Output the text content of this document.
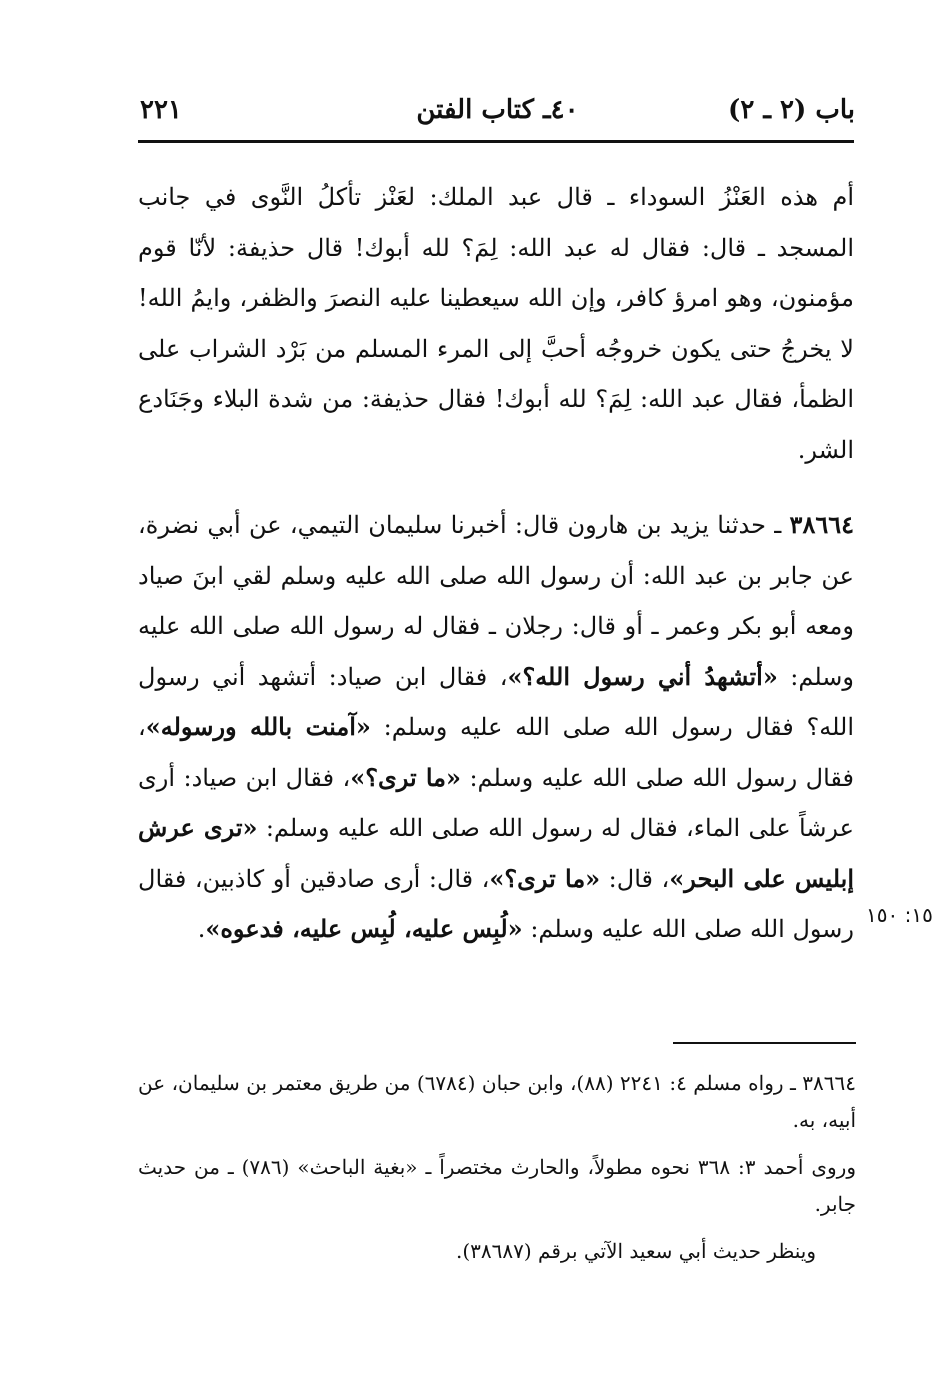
باب (٢ ـ ٢)
٤٠ـ كتاب الفتن
٢٢١
أم هذه العَنْزُ السوداء ـ قال عبد الملك: لعَنْز تأكلُ النَّوى في جانب المسجد ـ قال: فقال له عبد الله: لِمَ؟ لله أبوك! قال حذيفة: لأنّا قوم مؤمنون، وهو امرؤ كافر، وإن الله سيعطينا عليه النصرَ والظفر، وايمُ الله! لا يخرجُ حتى يكون خروجُه أحبَّ إلى المرء المسلم من بَرْد الشراب على الظمأ، فقال عبد الله: لِمَ؟ لله أبوك! فقال حذيفة: من شدة البلاء وجَنَادع الشر.
٣٨٦٦٤ ـ حدثنا يزيد بن هارون قال: أخبرنا سليمان التيمي، عن أبي نضرة، عن جابر بن عبد الله: أن رسول الله صلى الله عليه وسلم لقي ابنَ صياد ومعه أبو بكر وعمر ـ أو قال: رجلان ـ فقال له رسول الله صلى الله عليه وسلم: «أتشهدُ أني رسول الله؟»، فقال ابن صياد: أتشهد أني رسول الله؟ فقال رسول الله صلى الله عليه وسلم: «آمنت بالله ورسوله»، فقال رسول الله صلى الله عليه وسلم: «ما ترى؟»، فقال ابن صياد: أرى عرشاً على الماء، فقال له رسول الله صلى الله عليه وسلم: «ترى عرش إبليس على البحر»، قال: «ما ترى؟»، قال: أرى صادقين أو كاذبين، فقال رسول الله صلى الله عليه وسلم: «لُبِس عليه، لُبِس عليه، فدعوه».	١٥: ١٥٠

٣٨٦٦٤ ـ رواه مسلم ٤: ٢٢٤١ (٨٨)، وابن حبان (٦٧٨٤) من طريق معتمر بن سليمان، عن أبيه، به.

وروى أحمد ٣: ٣٦٨ نحوه مطولاً، والحارث مختصراً ـ «بغية الباحث» (٧٨٦) ـ من حديث جابر.

وينظر حديث أبي سعيد الآتي برقم (٣٨٦٨٧).
